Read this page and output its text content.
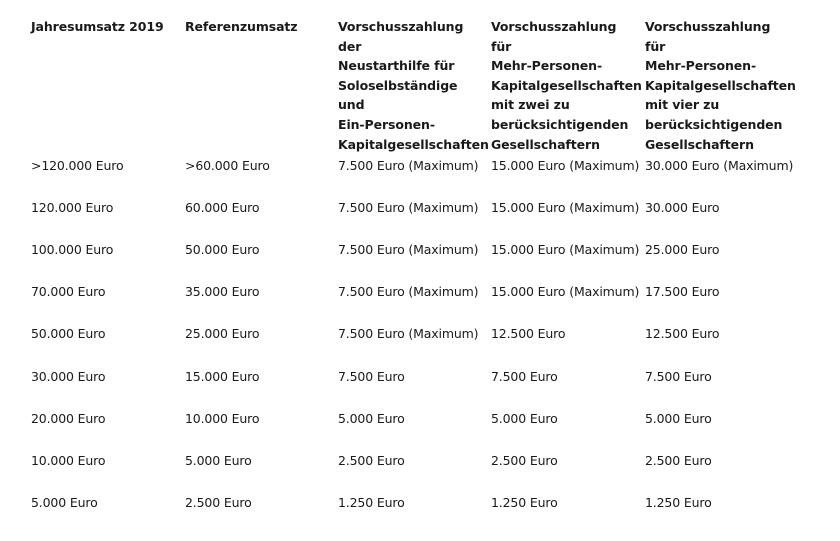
Jahresumsatz 2019	Referenzumsatz	Vorschusszahlung der
Neustarthilfe für
Soloselbständige und
Ein-Personen-
Kapitalgesellschaften
Vorschusszahlung für
Mehr-Personen-
Kapitalgesellschaften
mit zwei zu
berücksichtigenden
Gesellschaftern
Vorschusszahlung für
Mehr-Personen-
Kapitalgesellschaften
mit vier zu
berücksichtigenden
Gesellschaftern
>120.000 Euro	>60.000 Euro	7.500 Euro (Maximum) 15.000 Euro (Maximum) 30.000 Euro (Maximum)
120.000 Euro	60.000 Euro	7.500 Euro (Maximum) 15.000 Euro (Maximum) 30.000 Euro
100.000 Euro	50.000 Euro	7.500 Euro (Maximum) 15.000 Euro (Maximum) 25.000 Euro
70.000 Euro	35.000 Euro	7.500 Euro (Maximum) 15.000 Euro (Maximum) 17.500 Euro
50.000 Euro	25.000 Euro	7.500 Euro (Maximum) 12.500 Euro	12.500 Euro
30.000 Euro	15.000 Euro	7.500 Euro	7.500 Euro	7.500 Euro
20.000 Euro	10.000 Euro	5.000 Euro	5.000 Euro	5.000 Euro
10.000 Euro	5.000 Euro	2.500 Euro	2.500 Euro	2.500 Euro
5.000 Euro	2.500 Euro	1.250 Euro	1.250 Euro	1.250 Euro
